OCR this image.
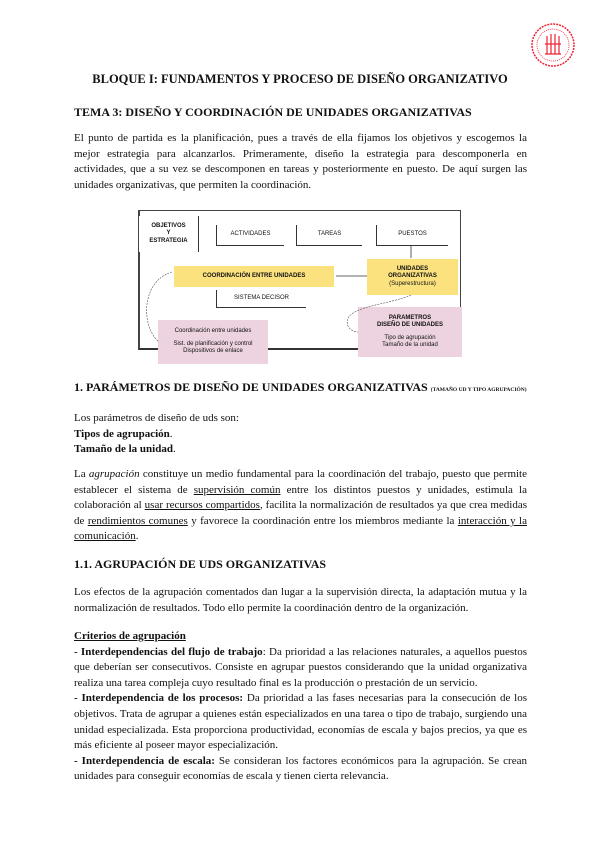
BLOQUE I: FUNDAMENTOS Y PROCESO DE DISEÑO ORGANIZATIVO
TEMA 3: DISEÑO Y COORDINACIÓN DE UNIDADES ORGANIZATIVAS
El punto de partida es la planificación, pues a través de ella fijamos los objetivos y escogemos la mejor estrategia para alcanzarlos. Primeramente, diseño la estrategia para descomponerla en actividades, que a su vez se descomponen en tareas y posteriormente en puesto. De aquí surgen las unidades organizativas, que permiten la coordinación.
OBJETIVOS
Y
ESTRATEGIA
ACTIVIDADES	TAREAS	PUESTOS
UNIDADES
ORGANIZATIVAS
(Superestructura)
COORDINACIÓN ENTRE UNIDADES
SISTEMA DECISOR
PARAMETROS
DISEÑO DE UNIDADES
Tipo de agrupación
Tamaño de la unidad
Coordinación entre unidades
Sist. de planificación y control
Dispositivos de enlace
1. PARÁMETROS DE DISEÑO DE UNIDADES ORGANIZATIVAS (TAMAÑO UD Y TIPO AGRUPACIÓN)
Los parámetros de diseño de uds son:
Tipos de agrupación.
Tamaño de la unidad.
La agrupación constituye un medio fundamental para la coordinación del trabajo, puesto que permite establecer el sistema de supervisión común entre los distintos puestos y unidades, estimula la colaboración al usar recursos compartidos, facilita la normalización de resultados ya que crea medidas de rendimientos comunes y favorece la coordinación entre los miembros mediante la interacción y la comunicación.
1.1. AGRUPACIÓN DE UDS ORGANIZATIVAS
Los efectos de la agrupación comentados dan lugar a la supervisión directa, la adaptación mutua y la normalización de resultados. Todo ello permite la coordinación dentro de la organización.
Criterios de agrupación
- Interdependencias del flujo de trabajo: Da prioridad a las relaciones naturales, a aquellos puestos que deberían ser consecutivos. Consiste en agrupar puestos considerando que la unidad organizativa realiza una tarea compleja cuyo resultado final es la producción o prestación de un servicio.
- Interdependencia de los procesos: Da prioridad a las fases necesarias para la consecución de los objetivos. Trata de agrupar a quienes están especializados en una tarea o tipo de trabajo, surgiendo una unidad especializada. Esta proporciona productividad, economías de escala y bajos precios, ya que es más eficiente al poseer mayor especialización.
- Interdependencia de escala: Se consideran los factores económicos para la agrupación. Se crean unidades para conseguir economías de escala y tienen cierta relevancia.
